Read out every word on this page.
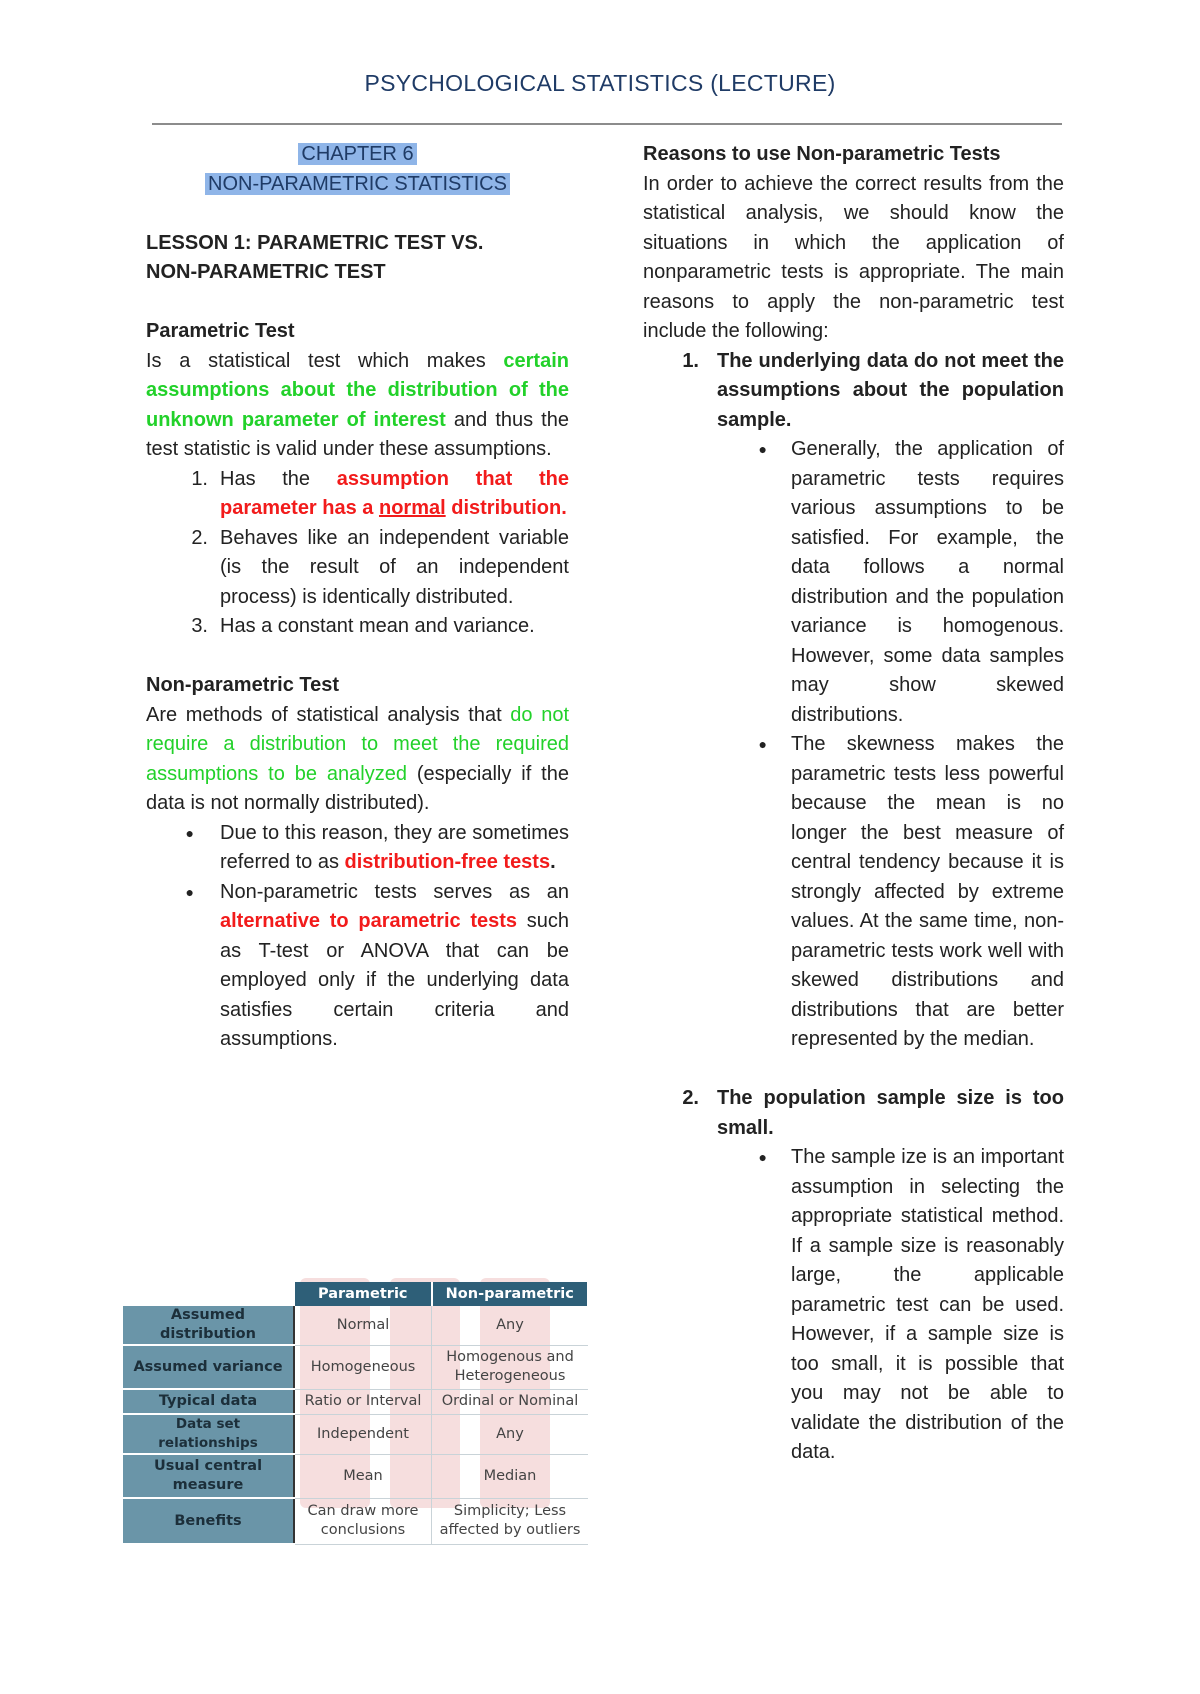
PSYCHOLOGICAL STATISTICS (LECTURE)

CHAPTER 6

NON-PARAMETRIC STATISTICS

LESSON 1: PARAMETRIC TEST VS.

NON-PARAMETRIC TEST

Parametric Test

Is a statistical test which makes certain assumptions about the distribution of the unknown parameter of interest and thus the test statistic is valid under these assumptions.

1. Has the assumption that the parameter has a normal distribution.
2. Behaves like an independent variable (is the result of an independent process) is identically distributed.
3. Has a constant mean and variance.

Non-parametric Test

Are methods of statistical analysis that do not require a distribution to meet the required assumptions to be analyzed (especially if the data is not normally distributed).

●	Due to this reason, they are sometimes referred to as distribution-free tests.
●	Non-parametric tests serves as an alternative to parametric tests such as T-test or ANOVA that can be employed only if the underlying data satisfies certain criteria and assumptions.
	Parametric	Non-parametric
Assumed distribution	Normal	Any
Assumed variance	Homogeneous	Homogenous and Heterogeneous
Typical data	Ratio or Interval	Ordinal or Nominal
Data set relationships	Independent	Any
Usual central measure	Mean	Median
Benefits	Can draw more conclusions	Simplicity; Less affected by outliers

Reasons to use Non-parametric Tests

In order to achieve the correct results from the statistical analysis, we should know the situations in which the application of nonparametric tests is appropriate. The main reasons to apply the non-parametric test include the following:

1. The underlying data do not meet the assumptions about the population sample.
●	Generally, the application of parametric tests requires various assumptions to be satisfied. For example, the data follows a normal distribution and the population variance is homogenous. However, some data samples may show skewed distributions.
●	The skewness makes the parametric tests less powerful because the mean is no longer the best measure of central tendency because it is strongly affected by extreme values. At the same time, non-parametric tests work well with skewed distributions and distributions that are better represented by the median.
2. The population sample size is too small.
●	The sample ize is an important assumption in selecting the appropriate statistical method. If a sample size is reasonably large, the applicable parametric test can be used. However, if a sample size is too small, it is possible that you may not be able to validate the distribution of the data.
